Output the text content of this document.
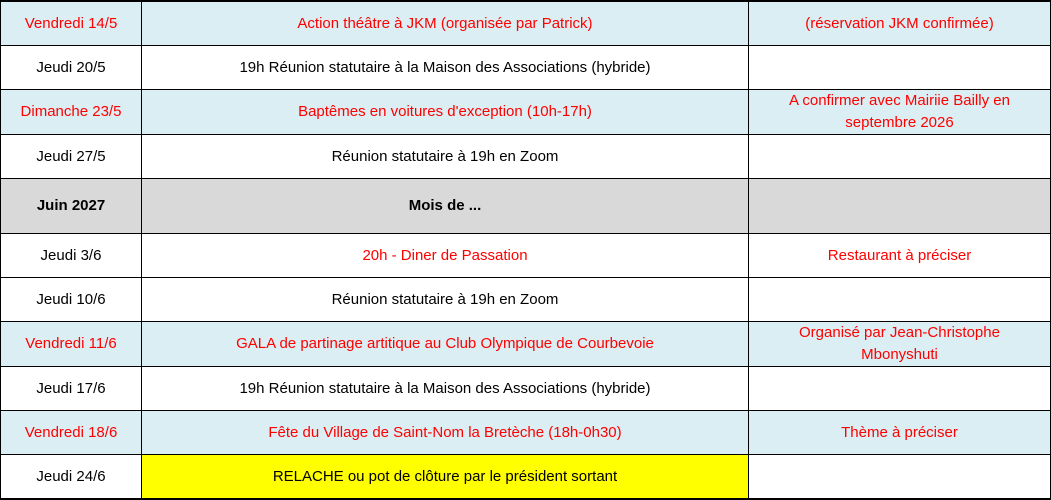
Vendredi 14/5	Action théâtre à JKM (organisée par Patrick)	(réservation JKM confirmée)
Jeudi 20/5	19h Réunion statutaire à la Maison des Associations (hybride)	
Dimanche 23/5	Baptêmes en voitures d'exception (10h-17h)	A confirmer avec Mairiie Bailly en
septembre 2026

Jeudi 27/5	Réunion statutaire à 19h en Zoom	
Juin 2027	Mois de ...	
Jeudi 3/6	20h - Diner de Passation	Restaurant à préciser
Jeudi 10/6	Réunion statutaire à 19h en Zoom	
Vendredi 11/6	GALA de partinage artitique au Club Olympique de Courbevoie	Organisé par Jean-Christophe
Mbonyshuti

Jeudi 17/6	19h Réunion statutaire à la Maison des Associations (hybride)	
Vendredi 18/6	Fête du Village de Saint-Nom la Bretèche (18h-0h30)	Thème à préciser
Jeudi 24/6	RELACHE ou pot de clôture par le président sortant	
